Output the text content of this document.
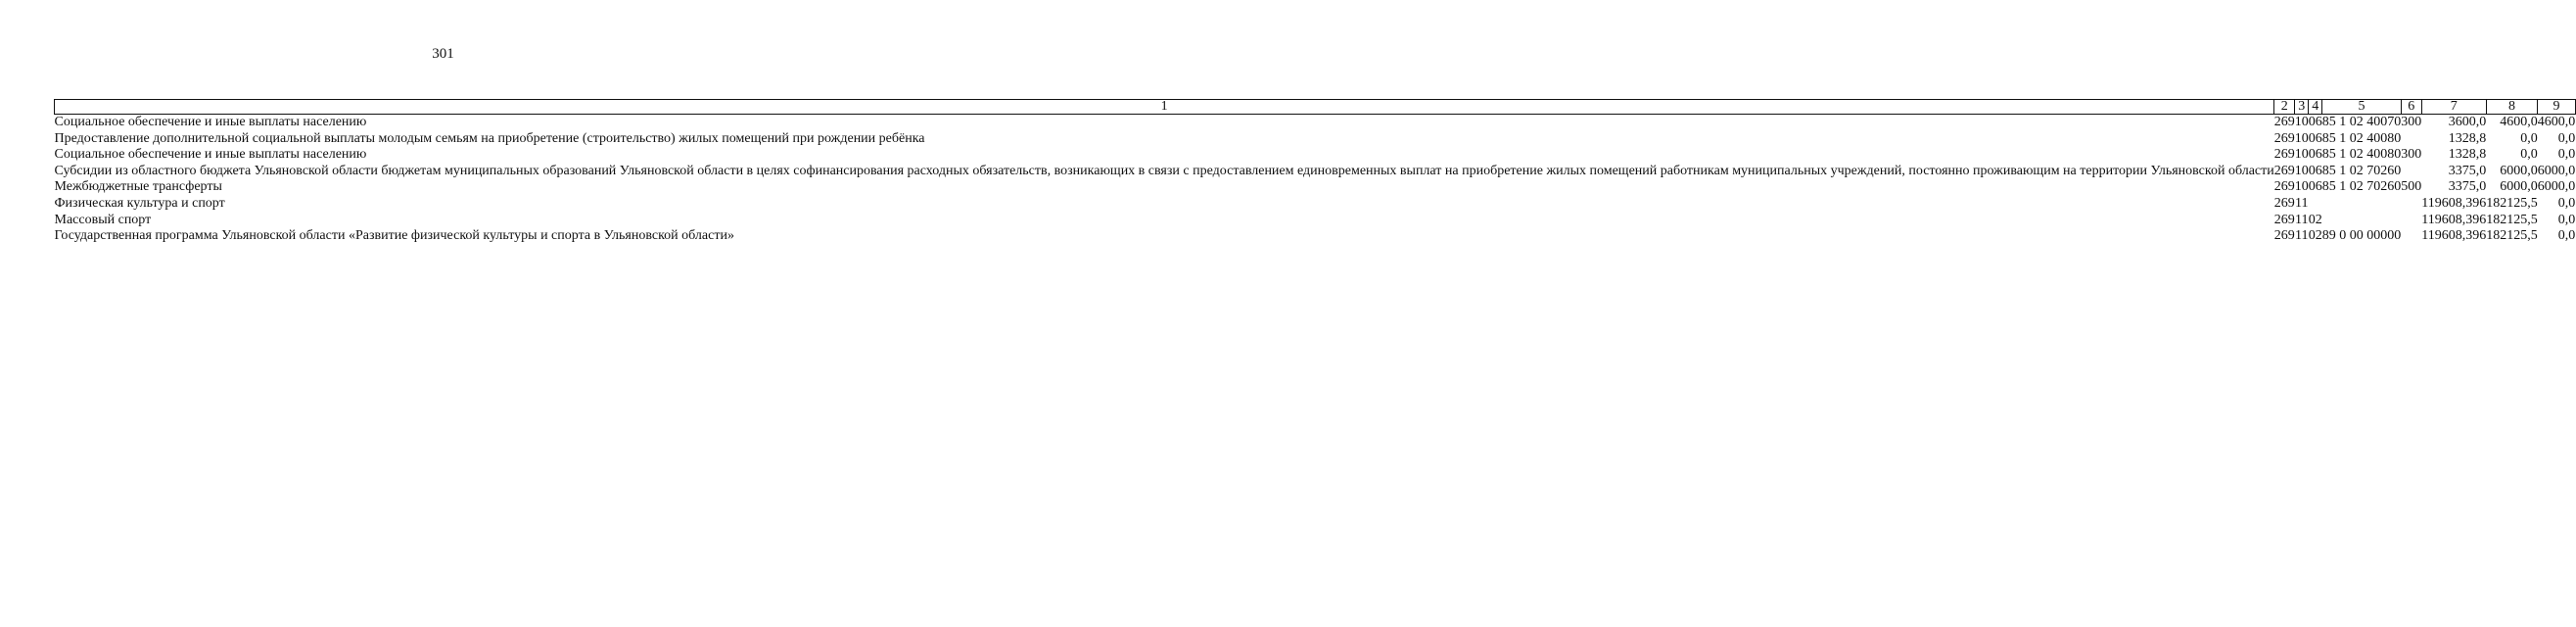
301
1	2	3	4	5	6	7	8	9
Социальное обеспечение и иные выплаты населению	269	10	06	85 1 02 40070	300	3600,0	4600,0	4600,0
Предоставление дополнительной социальной выплаты молодым семьям на приобретение (строительство) жилых помещений при рождении ребёнка	269	10	06	85 1 02 40080		1328,8	0,0	0,0
Социальное обеспечение и иные выплаты населению	269	10	06	85 1 02 40080	300	1328,8	0,0	0,0
Субсидии из областного бюджета Ульяновской области бюджетам муниципальных образований Ульяновской области в целях софинансирования расходных обязательств, возникающих в связи с предоставлением единовременных выплат на приобретение жилых помещений работникам муниципальных учреждений, постоянно проживающим на территории Ульяновской области	269	10	06	85 1 02 70260		3375,0	6000,0	6000,0
Межбюджетные трансферты	269	10	06	85 1 02 70260	500	3375,0	6000,0	6000,0
Физическая культура и спорт	269	11				119608,396	182125,5	0,0
Массовый спорт	269	11	02			119608,396	182125,5	0,0
Государственная программа Ульяновской области «Развитие физической культуры и спорта в Ульяновской области»	269	11	02	89 0 00 00000		119608,396	182125,5	0,0
